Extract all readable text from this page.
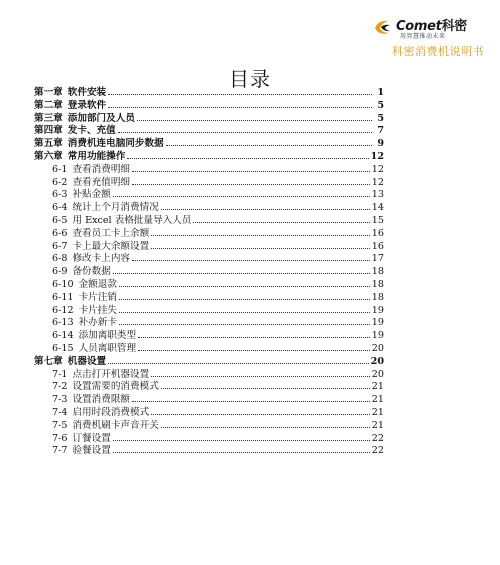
Comet科密
用智慧推动未来
科密消费机说明书
目录
第一章 软件安装	1
第二章 登录软件	5
第三章 添加部门及人员	5
第四章 发卡、充值	7
第五章 消费机连电脑同步数据	9
第六章 常用功能操作	12
6-1 查看消费明细	12
6-2 查看充值明细	12
6-3 补贴金额	13
6-4 统计上个月消费情况	14
6-5 用 Excel 表格批量导入人员	15
6-6 查看员工卡上余额	16
6-7 卡上最大余额设置	16
6-8 修改卡上内容	17
6-9 备份数据	18
6-10 金额退款	18
6-11 卡片注销	18
6-12 卡片挂失	19
6-13 补办新卡	19
6-14 添加离职类型	19
6-15 人员离职管理	20
第七章 机器设置	20
7-1 点击打开机器设置	20
7-2 设置需要的消费模式	21
7-3 设置消费限额	21
7-4 启用时段消费模式	21
7-5 消费机刷卡声音开关	21
7-6 订餐设置	22
7-7 验餐设置	22
